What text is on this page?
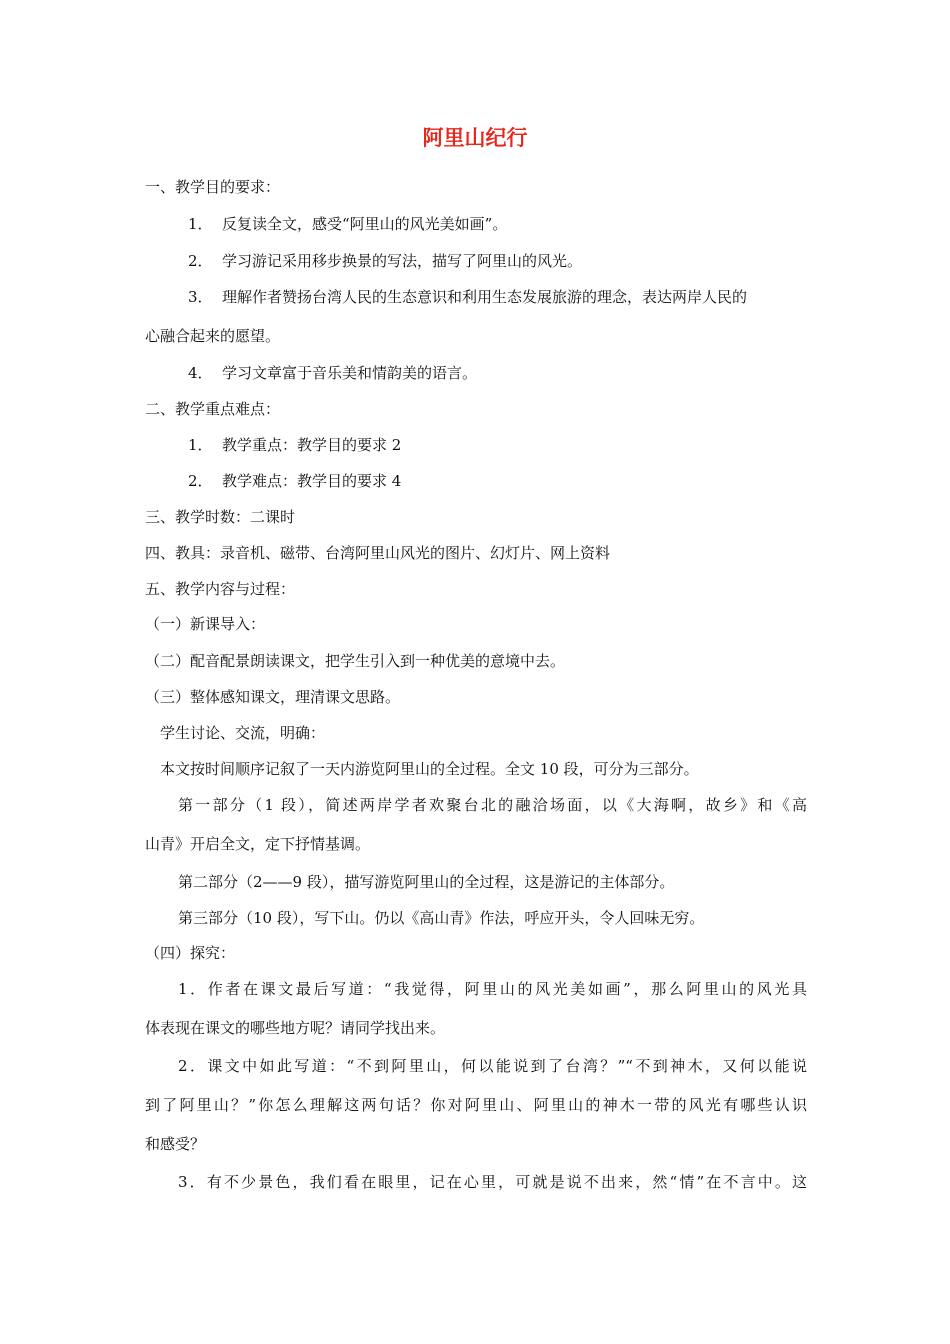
阿里山纪行
一、教学目的要求：
1． 反复读全文，感受“阿里山的风光美如画”。
2． 学习游记采用移步换景的写法，描写了阿里山的风光。
3． 理解作者赞扬台湾人民的生态意识和利用生态发展旅游的理念，表达两岸人民的
心融合起来的愿望。
4． 学习文章富于音乐美和情韵美的语言。
二、教学重点难点：
1． 教学重点：教学目的要求 2
2． 教学难点：教学目的要求 4
三、教学时数：二课时
四、教具：录音机、磁带、台湾阿里山风光的图片、幻灯片、网上资料
五、教学内容与过程：
（一）新课导入：
（二）配音配景朗读课文，把学生引入到一种优美的意境中去。
（三）整体感知课文，理清课文思路。
学生讨论、交流，明确：
本文按时间顺序记叙了一天内游览阿里山的全过程。全文 10 段，可分为三部分。
第一部分（1 段），简述两岸学者欢聚台北的融洽场面，以《大海啊，故乡》和《高
山青》开启全文，定下抒情基调。
第二部分（2——9 段），描写游览阿里山的全过程，这是游记的主体部分。
第三部分（10 段），写下山。仍以《高山青》作法，呼应开头，令人回味无穷。
（四）探究：
1．作者在课文最后写道：“我觉得，阿里山的风光美如画”，那么阿里山的风光具
体表现在课文的哪些地方呢？请同学找出来。
2．课文中如此写道：“不到阿里山，何以能说到了台湾？”“不到神木，又何以能说
到了阿里山？”你怎么理解这两句话？你对阿里山、阿里山的神木一带的风光有哪些认识
和感受？
3．有不少景色，我们看在眼里，记在心里，可就是说不出来，然“情”在不言中。这
